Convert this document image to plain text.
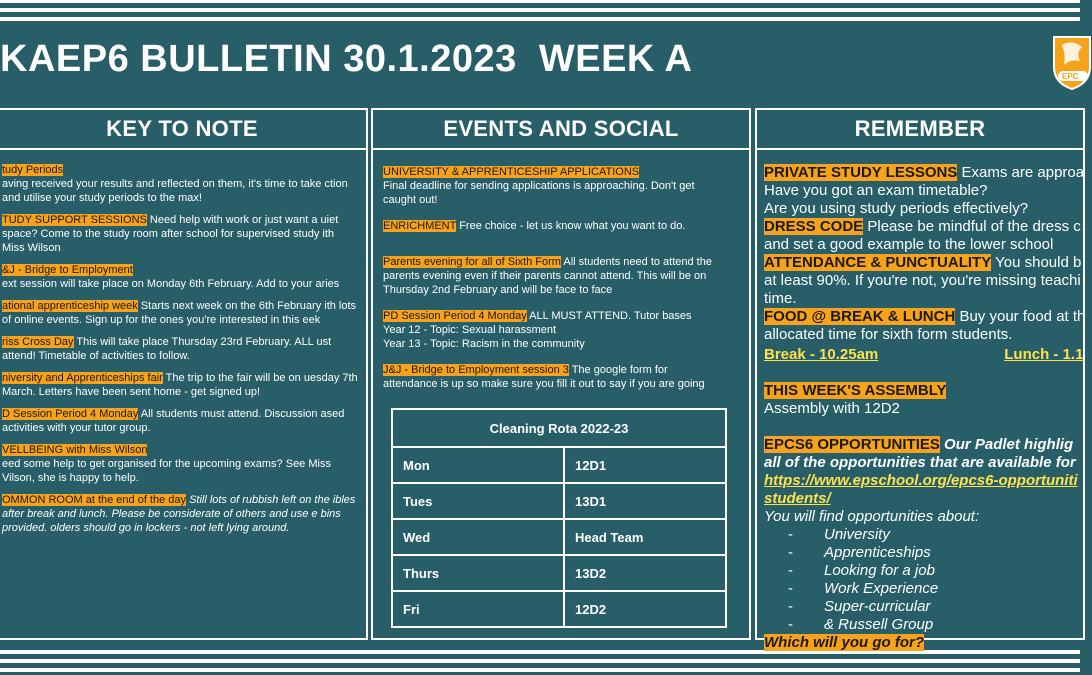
KAEP6 BULLETIN 30.1.2023  WEEK A	EPC
KEY TO NOTE

tudy Periods
aving received your results and reflected on them, it's time to take ction and utilise your study periods to the max!

TUDY SUPPORT SESSIONS Need help with work or just want a uiet space? Come to the study room after school for supervised study ith Miss Wilson

&J - Bridge to Employment
ext session will take place on Monday 6th February. Add to your aries

ational apprenticeship week Starts next week on the 6th February ith lots of online events. Sign up for the ones you're interested in this eek

riss Cross Day This will take place Thursday 23rd February. ALL ust attend! Timetable of activities to follow.

niversity and Apprenticeships fair The trip to the fair will be on uesday 7th March. Letters have been sent home - get signed up!

D Session Period 4 Monday All students must attend. Discussion ased activities with your tutor group.

VELLBEING with Miss Wilson
eed some help to get organised for the upcoming exams? See Miss Vilson, she is happy to help.

OMMON ROOM at the end of the day Still lots of rubbish left on the ibles after break and lunch. Please be considerate of others and use e bins provided. olders should go in lockers - not left lying around.

EVENTS AND SOCIAL

UNIVERSITY & APPRENTICESHIP APPLICATIONS
Final deadline for sending applications is approaching. Don't get caught out!

ENRICHMENT Free choice - let us know what you want to do.

Parents evening for all of Sixth Form All students need to attend the parents evening even if their parents cannot attend. This will be on Thursday 2nd February and will be face to face

PD Session Period 4 Monday ALL MUST ATTEND. Tutor bases
Year 12 - Topic: Sexual harassment
Year 13 - Topic: Racism in the community

J&J - Bridge to Employment session 3 The google form for attendance is up so make sure you fill it out to say if you are going

Cleaning Rota 2022-23	
Mon	12D1
Tues	13D1
Wed	Head Team
Thurs	13D2
Fri	12D2
REMEMBER

PRIVATE STUDY LESSONS Exams are approa

Have you got an exam timetable?

Are you using study periods effectively?

DRESS CODE Please be mindful of the dress c

and set a good example to the lower school

ATTENDANCE & PUNCTUALITY You should b

at least 90%. If you're not, you're missing teachi

time.

FOOD @ BREAK & LUNCH Buy your food at th

allocated time for sixth form students.

Break - 10.25am	Lunch - 1.1

THIS WEEK'S ASSEMBLY

Assembly with 12D2

EPCS6 OPPORTUNITIES Our Padlet highlig

all of the opportunities that are available for

https://www.epschool.org/epcs6-opportuniti

students/

You will find opportunities about:

- University
- Apprenticeships
- Looking for a job
- Work Experience
- Super-curricular
- & Russell Group

Which will you go for?
